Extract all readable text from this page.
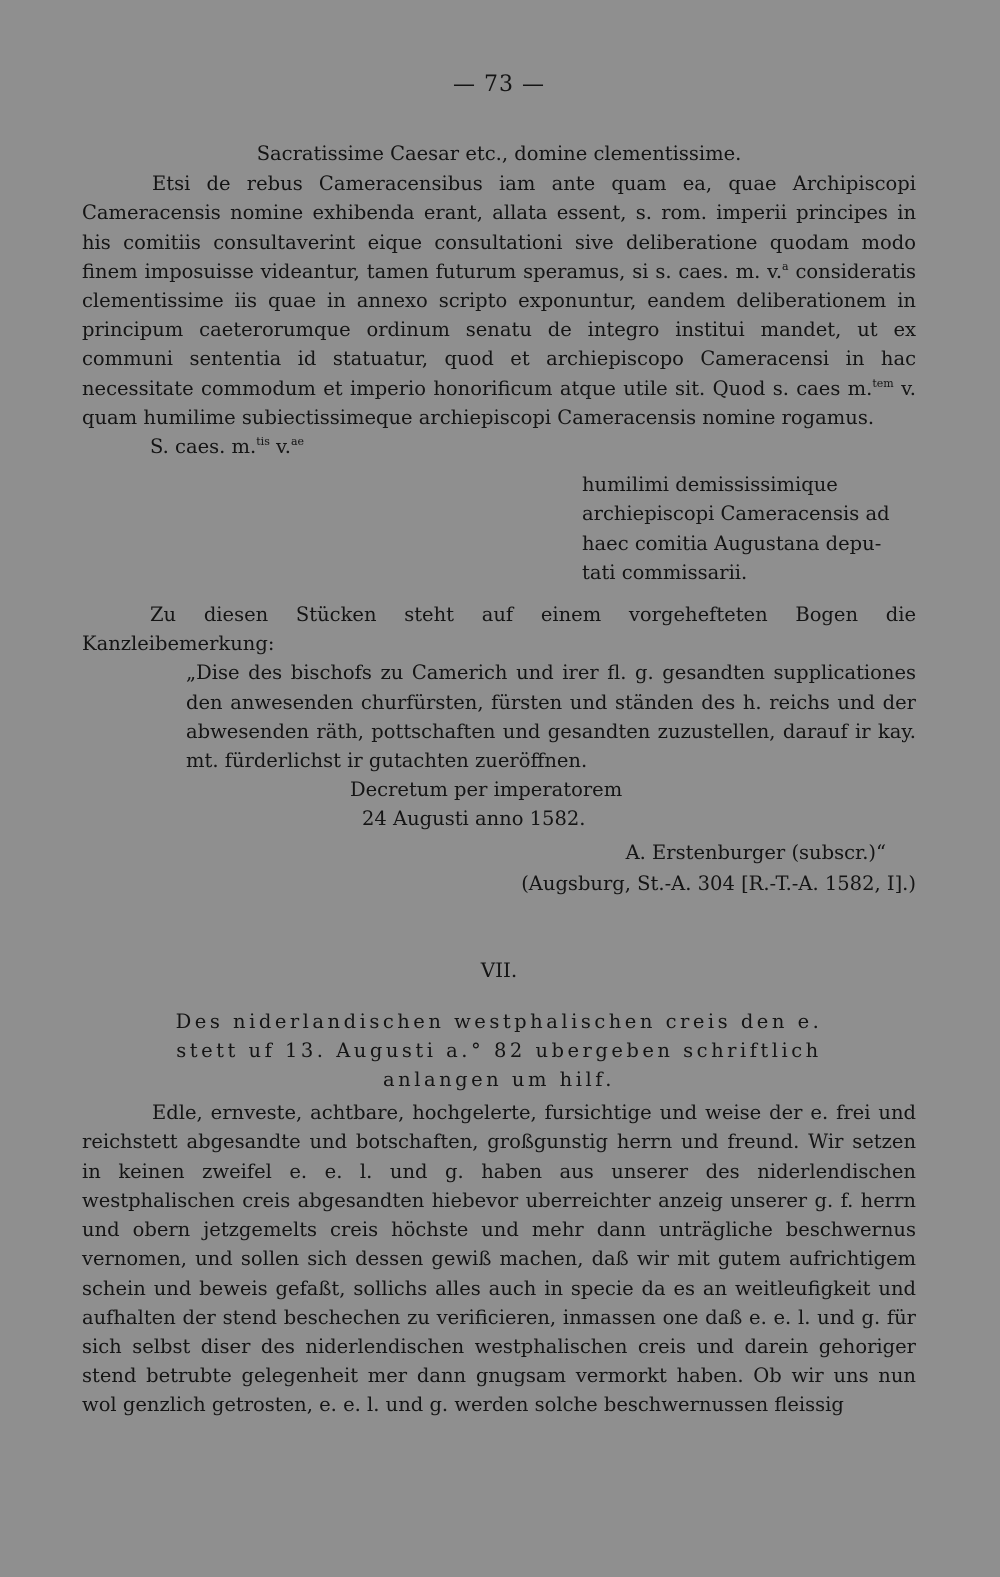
— 73 —

Sacratissime Caesar etc., domine clementissime.

Etsi de rebus Cameracensibus iam ante quam ea, quae Archipiscopi Cameracensis nomine exhibenda erant, allata essent, s. rom. imperii principes in his comitiis consultaverint eique consultationi sive deliberatione quodam modo finem imposuisse videantur, tamen futurum speramus, si s. caes. m. v.$^a$ consideratis clementissime iis quae in annexo scripto exponuntur, eandem deliberationem in principum caeterorumque ordinum senatu de integro institui mandet, ut ex communi sententia id statuatur, quod et archiepiscopo Cameracensi in hac necessitate commodum et imperio honorificum atque utile sit. Quod s. caes m.$^{tem}$ v. quam humilime subiectissimeque archiepiscopi Cameracensis nomine rogamus.

S. caes. m.$^{tis}$ v.$^{ae}$

humilimi demississimique
archiepiscopi Cameracensis ad
haec comitia Augustana depu-
tati commissarii.

Zu diesen Stücken steht auf einem vorgehefteten Bogen die Kanzleibemerkung:

„Dise des bischofs zu Camerich und irer fl. g. gesandten supplicationes den anwesenden churfürsten, fürsten und ständen des h. reichs und der abwesenden räth, pottschaften und gesandten zuzustellen, darauf ir kay. mt. fürderlichst ir gutachten zueröffnen.

Decretum per imperatorem
24 Augusti anno 1582.

A. Erstenburger (subscr.)“

(Augsburg, St.-A. 304 [R.-T.-A. 1582, I].)

VII.

Des niderlandischen westphalischen creis den e.
stett uf 13. Augusti a.° 82 ubergeben schriftlich
anlangen um hilf.

Edle, ernveste, achtbare, hochgelerte, fursichtige und weise der e. frei und reichstett abgesandte und botschaften, großgunstig herrn und freund. Wir setzen in keinen zweifel e. e. l. und g. haben aus unserer des niderlendischen westphalischen creis abgesandten hiebevor uberreichter anzeig unserer g. f. herrn und obern jetzgemelts creis höchste und mehr dann unträgliche beschwernus vernomen, und sollen sich dessen gewiß machen, daß wir mit gutem aufrichtigem schein und beweis gefaßt, sollichs alles auch in specie da es an weitleufigkeit und aufhalten der stend beschechen zu verificieren, inmassen one daß e. e. l. und g. für sich selbst diser des niderlendischen westphalischen creis und darein gehoriger stend betrubte gelegenheit mer dann gnugsam vermorkt haben. Ob wir uns nun wol genzlich getrosten, e. e. l. und g. werden solche beschwernussen fleissig
